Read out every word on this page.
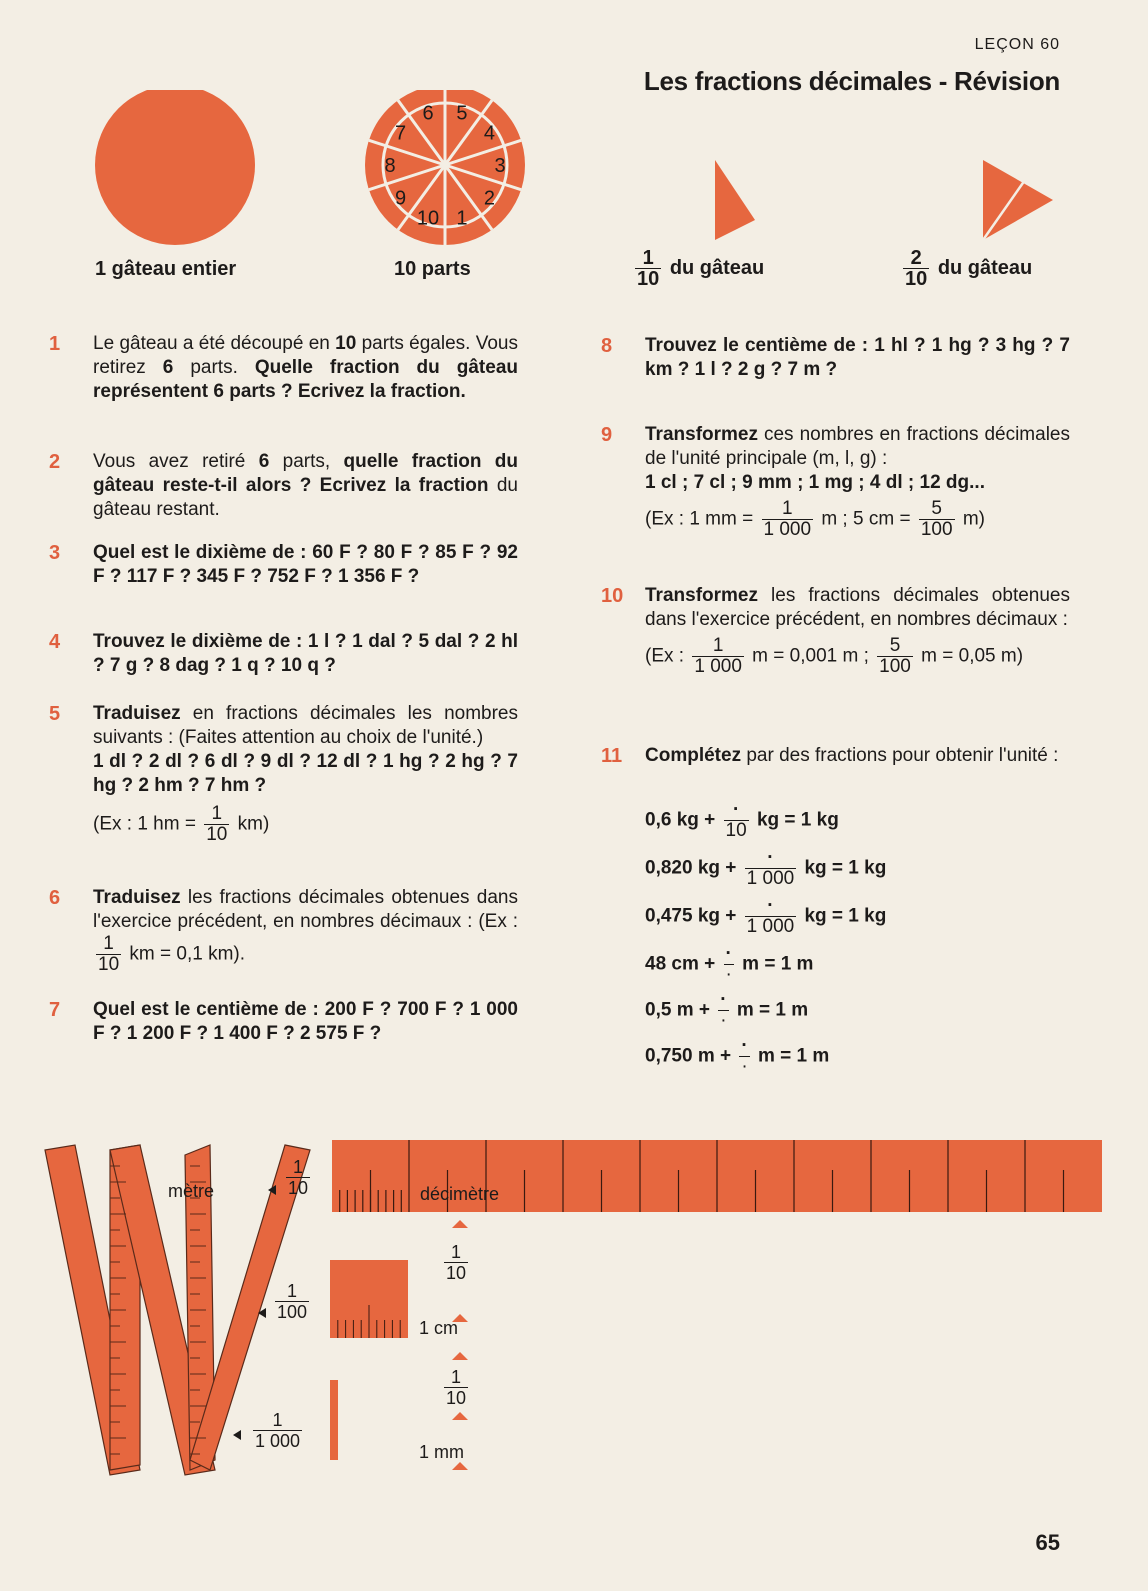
LEÇON 60
Les fractions décimales - Révision
1
2
3
4
5
6
7
8
9
10
1 gâteau entier	10 parts	$\frac{1}{10}$ du gâteau	$\frac{2}{10}$ du gâteau
1 Le gâteau a été découpé en 10 parts égales. Vous retirez 6 parts. Quelle fraction du gâteau représentent 6 parts ? Ecrivez la fraction.
2 Vous avez retiré 6 parts, quelle fraction du gâteau reste-t-il alors ? Ecrivez la fraction du gâteau restant.
3 Quel est le dixième de : 60 F ? 80 F ? 85 F ? 92 F ? 117 F ? 345 F ? 752 F ? 1 356 F ?
4 Trouvez le dixième de : 1 l ? 1 dal ? 5 dal ? 2 hl ? 7 g ? 8 dag ? 1 q ? 10 q ?
5 Traduisez en fractions décimales les nombres suivants : (Faites attention au choix de l'unité.)
1 dl ? 2 dl ? 6 dl ? 9 dl ? 12 dl ? 1 hg ? 2 hg ? 7 hg ? 2 hm ? 7 hm ?
(Ex : 1 hm = $\frac{1}{10} km$)
6 Traduisez les fractions décimales obtenues dans l'exercice précédent, en nombres décimaux : (Ex :
$\frac{1}{10}$ km = 0,1 km).
7 Quel est le centième de : 200 F ? 700 F ? 1 000 F ? 1 200 F ? 1 400 F ? 2 575 F ?
8 Trouvez le centième de : 1 hl ? 1 hg ? 3 hg ? 7 km ? 1 l ? 2 g ? 7 m ?
9 Transformez ces nombres en fractions décimales de l'unité principale (m, l, g) :
1 cl ; 7 cl ; 9 mm ; 1 mg ; 4 dl ; 12 dg...
(Ex : 1 mm = $\frac{1}{1 000}$ m ; 5 cm = $\frac{5}{100} m$)
10 Transformez les fractions décimales obtenues dans l'exercice précédent, en nombres décimaux :
(Ex : $\frac{1}{1 000}$ m = 0,001 m ; $\frac{5}{100}$ m = 0,05 m)
11 Complétez par des fractions pour obtenir l'unité :
0,6 kg + $\frac{\cdot}{10}$ kg = 1 kg
0,820 kg + $\frac{\cdot}{1 000}$ kg = 1 kg
0,475 kg + $\frac{\cdot}{1 000}$ kg = 1 kg
48 cm + $\frac{\cdot}{\cdot}$ m = 1 m
0,5 $m + \frac{\cdot}{\cdot}$ m = 1 m
0,750 $m + \frac{\cdot}{\cdot}$ m = 1 m
mètre	décimètre
$\frac{1}{10}$
$\frac{1}{10}$
$\frac{1}{100}$
1 cm
$\frac{1}{10}$
$\frac{1}{1 000}$
1 mm
65
